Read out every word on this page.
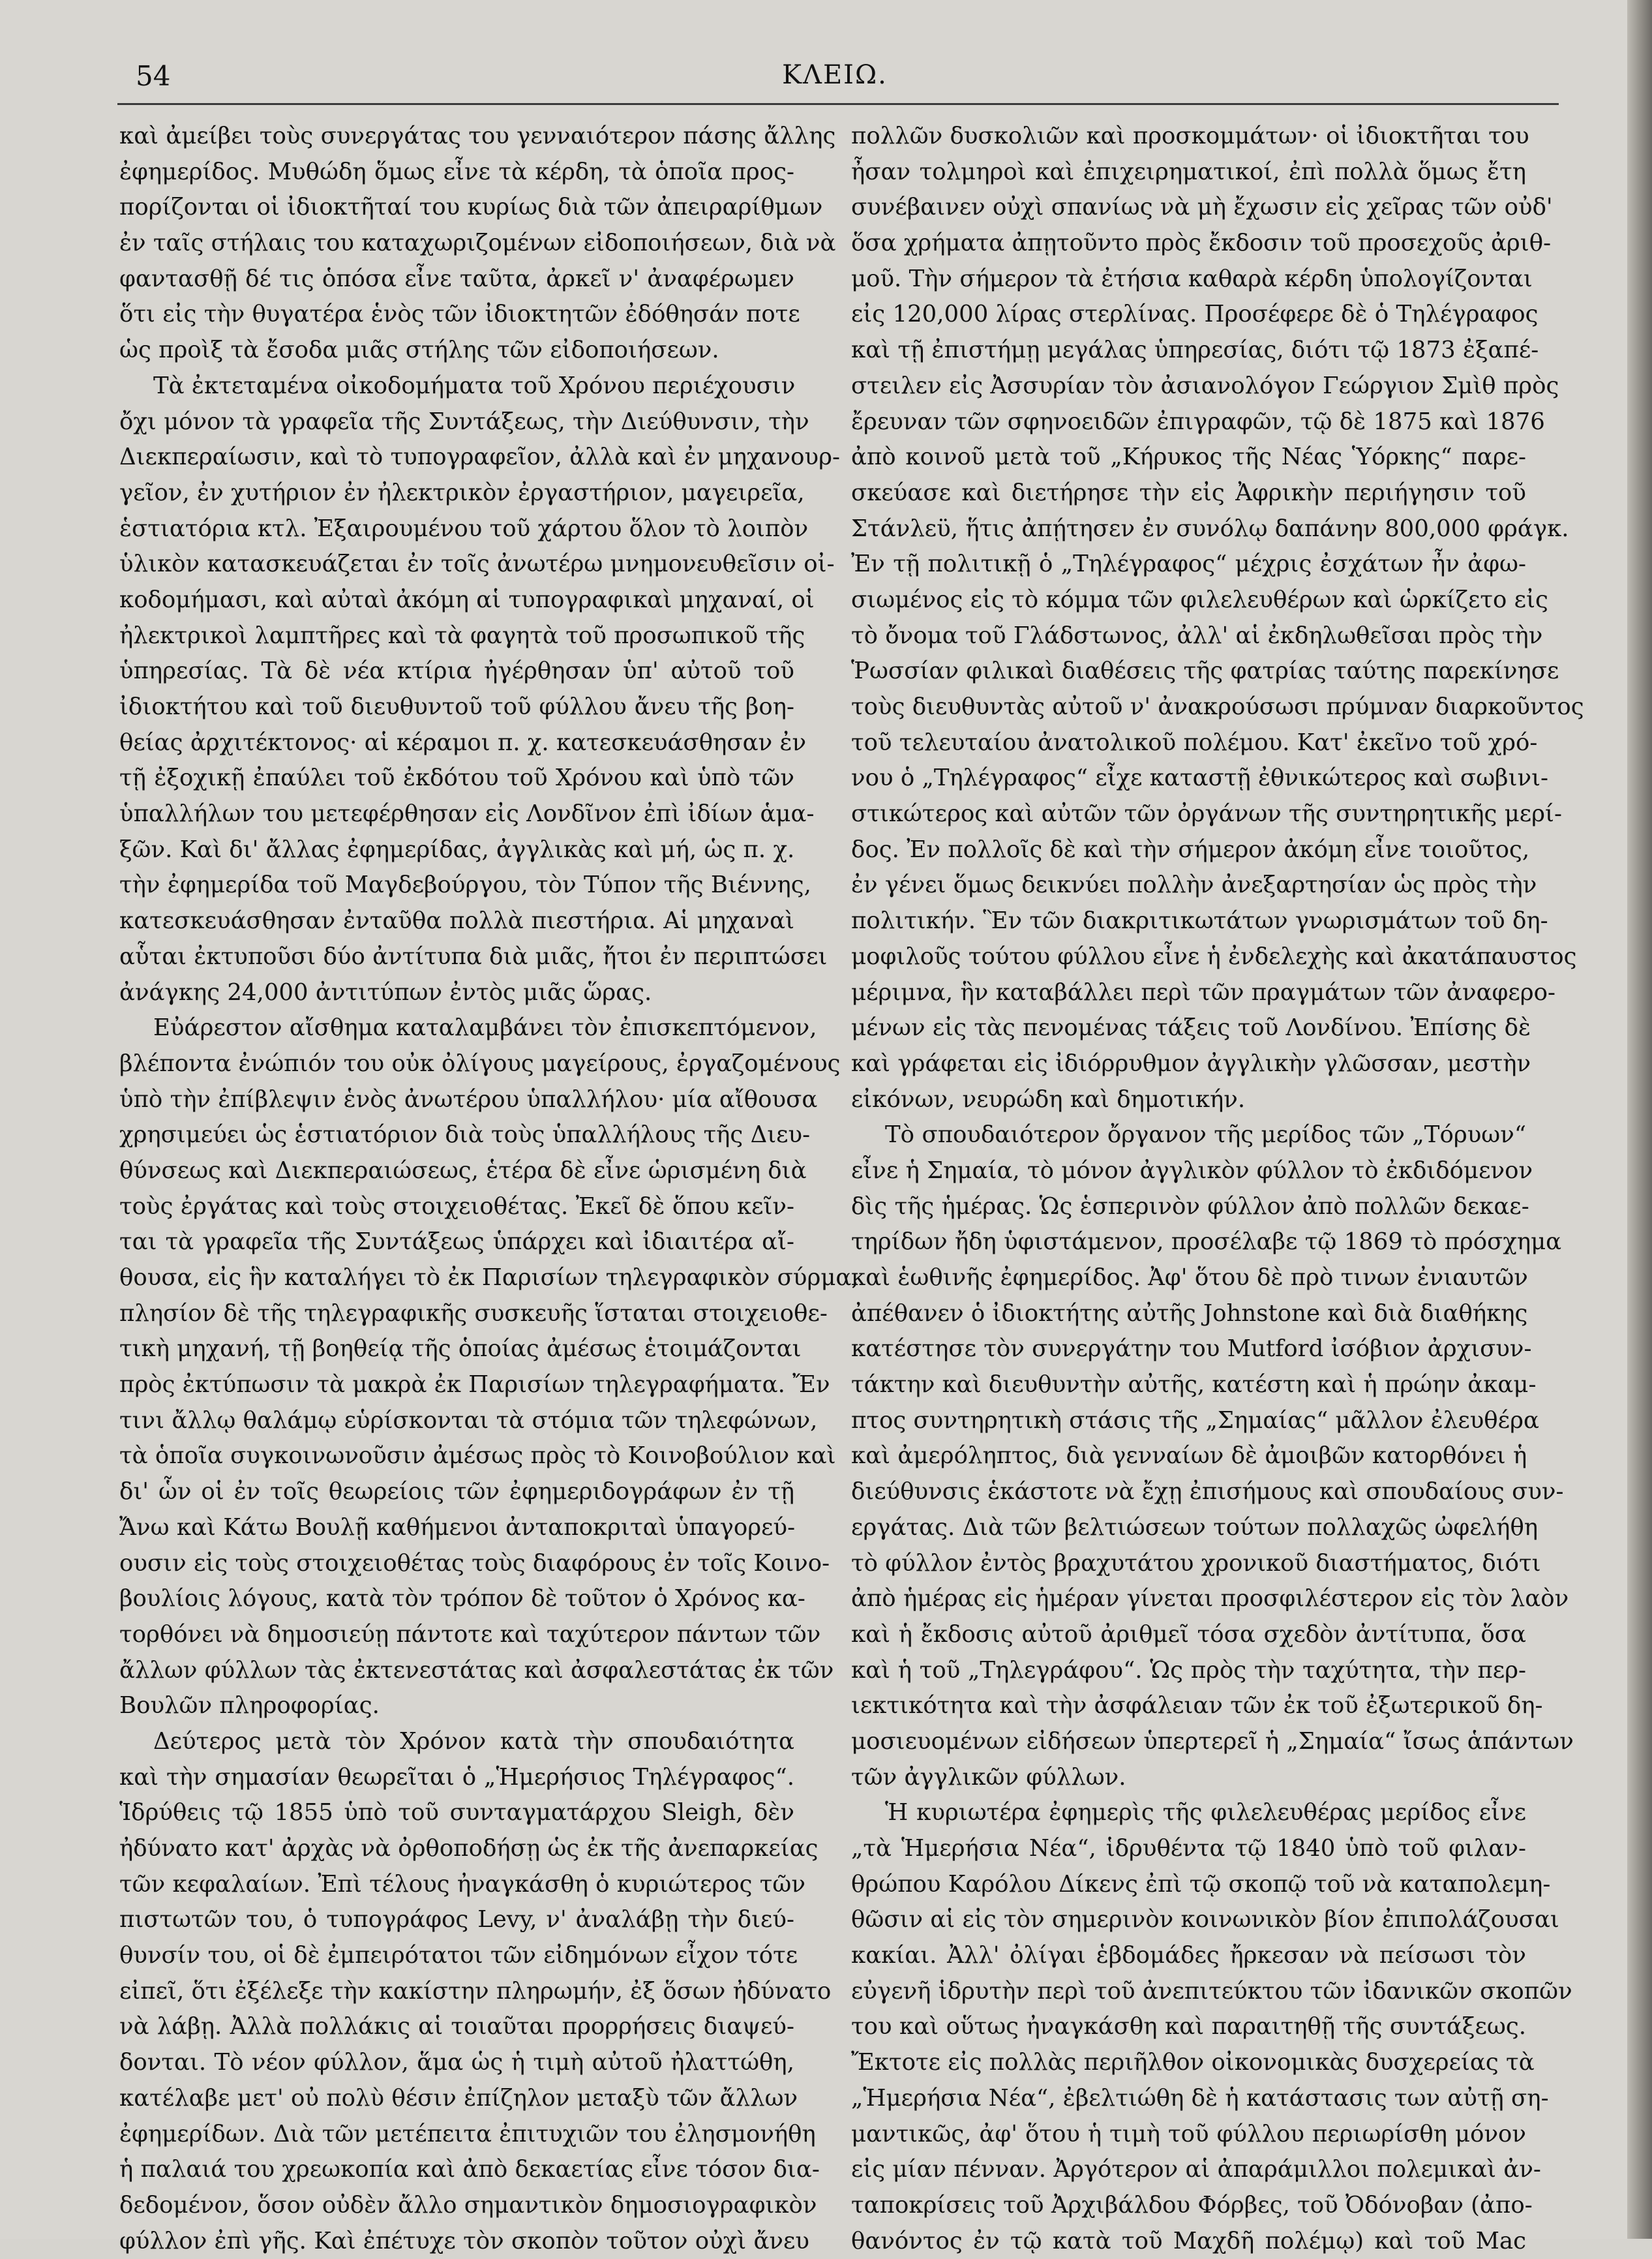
54	ΚΛΕΙΩ.
καὶ ἀμείβει τοὺς συνεργάτας του γενναιότερον πάσης ἄλλης
ἐφημερίδος. Μυθώδη ὅμως εἶνε τὰ κέρδη, τὰ ὁποῖα προς-
πορίζονται οἱ ἰδιοκτῆταί του κυρίως διὰ τῶν ἀπειραρίθμων
ἐν ταῖς στήλαις του καταχωριζομένων εἰδοποιήσεων, διὰ νὰ
φαντασθῇ δέ τις ὁπόσα εἶνε ταῦτα, ἀρκεῖ ν' ἀναφέρωμεν
ὅτι εἰς τὴν θυγατέρα ἑνὸς τῶν ἰδιοκτητῶν ἐδόθησάν ποτε
ὡς προὶξ τὰ ἔσοδα μιᾶς στήλης τῶν εἰδοποιήσεων.
Τὰ ἐκτεταμένα οἰκοδομήματα τοῦ Χρόνου περιέχουσιν
ὄχι μόνον τὰ γραφεῖα τῆς Συντάξεως, τὴν Διεύθυνσιν, τὴν
Διεκπεραίωσιν, καὶ τὸ τυπογραφεῖον, ἀλλὰ καὶ ἐν μηχανουρ-
γεῖον, ἐν χυτήριον ἐν ἠλεκτρικὸν ἐργαστήριον, μαγειρεῖα,
ἑστιατόρια κτλ. Ἐξαιρουμένου τοῦ χάρτου ὅλον τὸ λοιπὸν
ὑλικὸν κατασκευάζεται ἐν τοῖς ἀνωτέρω μνημονευθεῖσιν οἰ-
κοδομήμασι, καὶ αὐταὶ ἀκόμη αἱ τυπογραφικαὶ μηχαναί, οἱ
ἠλεκτρικοὶ λαμπτῆρες καὶ τὰ φαγητὰ τοῦ προσωπικοῦ τῆς
ὑπηρεσίας. Τὰ δὲ νέα κτίρια ἠγέρθησαν ὑπ' αὐτοῦ τοῦ
ἰδιοκτήτου καὶ τοῦ διευθυντοῦ τοῦ φύλλου ἄνευ τῆς βοη-
θείας ἀρχιτέκτονος· αἱ κέραμοι π. χ. κατεσκευάσθησαν ἐν
τῇ ἐξοχικῇ ἐπαύλει τοῦ ἐκδότου τοῦ Χρόνου καὶ ὑπὸ τῶν
ὑπαλλήλων του μετεφέρθησαν εἰς Λονδῖνον ἐπὶ ἰδίων ἁμα-
ξῶν. Καὶ δι' ἄλλας ἐφημερίδας, ἀγγλικὰς καὶ μή, ὡς π. χ.
τὴν ἐφημερίδα τοῦ Μαγδεβούργου, τὸν Τύπον τῆς Βιέννης,
κατεσκευάσθησαν ἐνταῦθα πολλὰ πιεστήρια. Αἱ μηχαναὶ
αὗται ἐκτυποῦσι δύο ἀντίτυπα διὰ μιᾶς, ἤτοι ἐν περιπτώσει
ἀνάγκης 24,000 ἀντιτύπων ἐντὸς μιᾶς ὥρας.
Εὐάρεστον αἴσθημα καταλαμβάνει τὸν ἐπισκεπτόμενον,
βλέποντα ἐνώπιόν του οὐκ ὀλίγους μαγείρους, ἐργαζομένους
ὑπὸ τὴν ἐπίβλεψιν ἑνὸς ἀνωτέρου ὑπαλλήλου· μία αἴθουσα
χρησιμεύει ὡς ἑστιατόριον διὰ τοὺς ὑπαλλήλους τῆς Διευ-
θύνσεως καὶ Διεκπεραιώσεως, ἑτέρα δὲ εἶνε ὡρισμένη διὰ
τοὺς ἐργάτας καὶ τοὺς στοιχειοθέτας. Ἐκεῖ δὲ ὅπου κεῖν-
ται τὰ γραφεῖα τῆς Συντάξεως ὑπάρχει καὶ ἰδιαιτέρα αἴ-
θουσα, εἰς ἣν καταλήγει τὸ ἐκ Παρισίων τηλεγραφικὸν σύρμα,
πλησίον δὲ τῆς τηλεγραφικῆς συσκευῆς ἵσταται στοιχειοθε-
τικὴ μηχανή, τῇ βοηθείᾳ τῆς ὁποίας ἀμέσως ἑτοιμάζονται
πρὸς ἐκτύπωσιν τὰ μακρὰ ἐκ Παρισίων τηλεγραφήματα. Ἔν
τινι ἄλλῳ θαλάμῳ εὑρίσκονται τὰ στόμια τῶν τηλεφώνων,
τὰ ὁποῖα συγκοινωνοῦσιν ἀμέσως πρὸς τὸ Κοινοβούλιον καὶ
δι' ὧν οἱ ἐν τοῖς θεωρείοις τῶν ἐφημεριδογράφων ἐν τῇ
Ἄνω καὶ Κάτω Βουλῇ καθήμενοι ἀνταποκριταὶ ὑπαγορεύ-
ουσιν εἰς τοὺς στοιχειοθέτας τοὺς διαφόρους ἐν τοῖς Κοινο-
βουλίοις λόγους, κατὰ τὸν τρόπον δὲ τοῦτον ὁ Χρόνος κα-
τορθόνει νὰ δημοσιεύῃ πάντοτε καὶ ταχύτερον πάντων τῶν
ἄλλων φύλλων τὰς ἐκτενεστάτας καὶ ἀσφαλεστάτας ἐκ τῶν
Βουλῶν πληροφορίας.
Δεύτερος μετὰ τὸν Χρόνον κατὰ τὴν σπουδαιότητα
καὶ τὴν σημασίαν θεωρεῖται ὁ „Ἡμερήσιος Τηλέγραφος“.
Ἱδρύθεις τῷ 1855 ὑπὸ τοῦ συνταγματάρχου Sleigh, δὲν
ἠδύνατο κατ' ἀρχὰς νὰ ὀρθοποδήσῃ ὡς ἐκ τῆς ἀνεπαρκείας
τῶν κεφαλαίων. Ἐπὶ τέλους ἠναγκάσθη ὁ κυριώτερος τῶν
πιστωτῶν του, ὁ τυπογράφος Levy, ν' ἀναλάβῃ τὴν διεύ-
θυνσίν του, οἱ δὲ ἐμπειρότατοι τῶν εἰδημόνων εἶχον τότε
εἰπεῖ, ὅτι ἐξέλεξε τὴν κακίστην πληρωμήν, ἐξ ὅσων ἠδύνατο
νὰ λάβῃ. Ἀλλὰ πολλάκις αἱ τοιαῦται προρρήσεις διαψεύ-
δονται. Τὸ νέον φύλλον, ἅμα ὡς ἡ τιμὴ αὐτοῦ ἠλαττώθη,
κατέλαβε μετ' οὐ πολὺ θέσιν ἐπίζηλον μεταξὺ τῶν ἄλλων
ἐφημερίδων. Διὰ τῶν μετέπειτα ἐπιτυχιῶν του ἐλησμονήθη
ἡ παλαιά του χρεωκοπία καὶ ἀπὸ δεκαετίας εἶνε τόσον δια-
δεδομένον, ὅσον οὐδὲν ἄλλο σημαντικὸν δημοσιογραφικὸν
φύλλον ἐπὶ γῆς. Καὶ ἐπέτυχε τὸν σκοπὸν τοῦτον οὐχὶ ἄνευ
πολλῶν δυσκολιῶν καὶ προσκομμάτων· οἱ ἰδιοκτῆται του
ἦσαν τολμηροὶ καὶ ἐπιχειρηματικοί, ἐπὶ πολλὰ ὅμως ἔτη
συνέβαινεν οὐχὶ σπανίως νὰ μὴ ἔχωσιν εἰς χεῖρας τῶν οὐδ'
ὅσα χρήματα ἀπῃτοῦντο πρὸς ἔκδοσιν τοῦ προσεχοῦς ἀριθ-
μοῦ. Τὴν σήμερον τὰ ἐτήσια καθαρὰ κέρδη ὑπολογίζονται
εἰς 120,000 λίρας στερλίνας. Προσέφερε δὲ ὁ Τηλέγραφος
καὶ τῇ ἐπιστήμῃ μεγάλας ὑπηρεσίας, διότι τῷ 1873 ἐξαπέ-
στειλεν εἰς Ἀσσυρίαν τὸν ἀσιανολόγον Γεώργιον Σμὶθ πρὸς
ἔρευναν τῶν σφηνοειδῶν ἐπιγραφῶν, τῷ δὲ 1875 καὶ 1876
ἀπὸ κοινοῦ μετὰ τοῦ „Κήρυκος τῆς Νέας Ὑόρκης“ παρε-
σκεύασε καὶ διετήρησε τὴν εἰς Ἀφρικὴν περιήγησιν τοῦ
Στάνλεϋ, ἥτις ἀπῄτησεν ἐν συνόλῳ δαπάνην 800,000 φράγκ.
Ἐν τῇ πολιτικῇ ὁ „Τηλέγραφος“ μέχρις ἐσχάτων ἦν ἀφω-
σιωμένος εἰς τὸ κόμμα τῶν φιλελευθέρων καὶ ὡρκίζετο εἰς
τὸ ὄνομα τοῦ Γλάδστωνος, ἀλλ' αἱ ἐκδηλωθεῖσαι πρὸς τὴν
Ῥωσσίαν φιλικαὶ διαθέσεις τῆς φατρίας ταύτης παρεκίνησε
τοὺς διευθυντὰς αὐτοῦ ν' ἀνακρούσωσι πρύμναν διαρκοῦντος
τοῦ τελευταίου ἀνατολικοῦ πολέμου. Κατ' ἐκεῖνο τοῦ χρό-
νου ὁ „Τηλέγραφος“ εἶχε καταστῇ ἐθνικώτερος καὶ σωβινι-
στικώτερος καὶ αὐτῶν τῶν ὀργάνων τῆς συντηρητικῆς μερί-
δος. Ἐν πολλοῖς δὲ καὶ τὴν σήμερον ἀκόμη εἶνε τοιοῦτος,
ἐν γένει ὅμως δεικνύει πολλὴν ἀνεξαρτησίαν ὡς πρὸς τὴν
πολιτικήν. Ἓν τῶν διακριτικωτάτων γνωρισμάτων τοῦ δη-
μοφιλοῦς τούτου φύλλου εἶνε ἡ ἐνδελεχὴς καὶ ἀκατάπαυστος
μέριμνα, ἣν καταβάλλει περὶ τῶν πραγμάτων τῶν ἀναφερο-
μένων εἰς τὰς πενομένας τάξεις τοῦ Λονδίνου. Ἐπίσης δὲ
καὶ γράφεται εἰς ἰδιόρρυθμον ἀγγλικὴν γλῶσσαν, μεστὴν
εἰκόνων, νευρώδη καὶ δημοτικήν.
Τὸ σπουδαιότερον ὄργανον τῆς μερίδος τῶν „Τόρυων“
εἶνε ἡ Σημαία, τὸ μόνον ἀγγλικὸν φύλλον τὸ ἐκδιδόμενον
δὶς τῆς ἡμέρας. Ὡς ἑσπερινὸν φύλλον ἀπὸ πολλῶν δεκαε-
τηρίδων ἤδη ὑφιστάμενον, προσέλαβε τῷ 1869 τὸ πρόσχημα
καὶ ἑωθινῆς ἐφημερίδος. Ἀφ' ὅτου δὲ πρὸ τινων ἐνιαυτῶν
ἀπέθανεν ὁ ἰδιοκτήτης αὐτῆς Johnstone καὶ διὰ διαθήκης
κατέστησε τὸν συνεργάτην του Mutford ἰσόβιον ἀρχισυν-
τάκτην καὶ διευθυντὴν αὐτῆς, κατέστη καὶ ἡ πρώην ἀκαμ-
πτος συντηρητικὴ στάσις τῆς „Σημαίας“ μᾶλλον ἐλευθέρα
καὶ ἀμερόληπτος, διὰ γενναίων δὲ ἀμοιβῶν κατορθόνει ἡ
διεύθυνσις ἑκάστοτε νὰ ἔχῃ ἐπισήμους καὶ σπουδαίους συν-
εργάτας. Διὰ τῶν βελτιώσεων τούτων πολλαχῶς ὠφελήθη
τὸ φύλλον ἐντὸς βραχυτάτου χρονικοῦ διαστήματος, διότι
ἀπὸ ἡμέρας εἰς ἡμέραν γίνεται προσφιλέστερον εἰς τὸν λαὸν
καὶ ἡ ἔκδοσις αὐτοῦ ἀριθμεῖ τόσα σχεδὸν ἀντίτυπα, ὅσα
καὶ ἡ τοῦ „Τηλεγράφου“. Ὡς πρὸς τὴν ταχύτητα, τὴν περ-
ιεκτικότητα καὶ τὴν ἀσφάλειαν τῶν ἐκ τοῦ ἐξωτερικοῦ δη-
μοσιευομένων εἰδήσεων ὑπερτερεῖ ἡ „Σημαία“ ἴσως ἁπάντων
τῶν ἀγγλικῶν φύλλων.
Ἡ κυριωτέρα ἐφημερὶς τῆς φιλελευθέρας μερίδος εἶνε
„τὰ Ἡμερήσια Νέα“, ἱδρυθέντα τῷ 1840 ὑπὸ τοῦ φιλαν-
θρώπου Καρόλου Δίκενς ἐπὶ τῷ σκοπῷ τοῦ νὰ καταπολεμη-
θῶσιν αἱ εἰς τὸν σημερινὸν κοινωνικὸν βίον ἐπιπολάζουσαι
κακίαι. Ἀλλ' ὀλίγαι ἑβδομάδες ἤρκεσαν νὰ πείσωσι τὸν
εὐγενῆ ἱδρυτὴν περὶ τοῦ ἀνεπιτεύκτου τῶν ἰδανικῶν σκοπῶν
του καὶ οὕτως ἠναγκάσθη καὶ παραιτηθῇ τῆς συντάξεως.
Ἔκτοτε εἰς πολλὰς περιῆλθον οἰκονομικὰς δυσχερείας τὰ
„Ἡμερήσια Νέα“, ἐβελτιώθη δὲ ἡ κατάστασις των αὐτῇ ση-
μαντικῶς, ἀφ' ὅτου ἡ τιμὴ τοῦ φύλλου περιωρίσθη μόνον
εἰς μίαν πένναν. Ἀργότερον αἱ ἀπαράμιλλοι πολεμικαὶ ἀν-
ταποκρίσεις τοῦ Ἀρχιβάλδου Φόρβες, τοῦ Ὀδόνοβαν (ἀπο-
θανόντος ἐν τῷ κατὰ τοῦ Μαχδῆ πολέμῳ) καὶ τοῦ Mac
